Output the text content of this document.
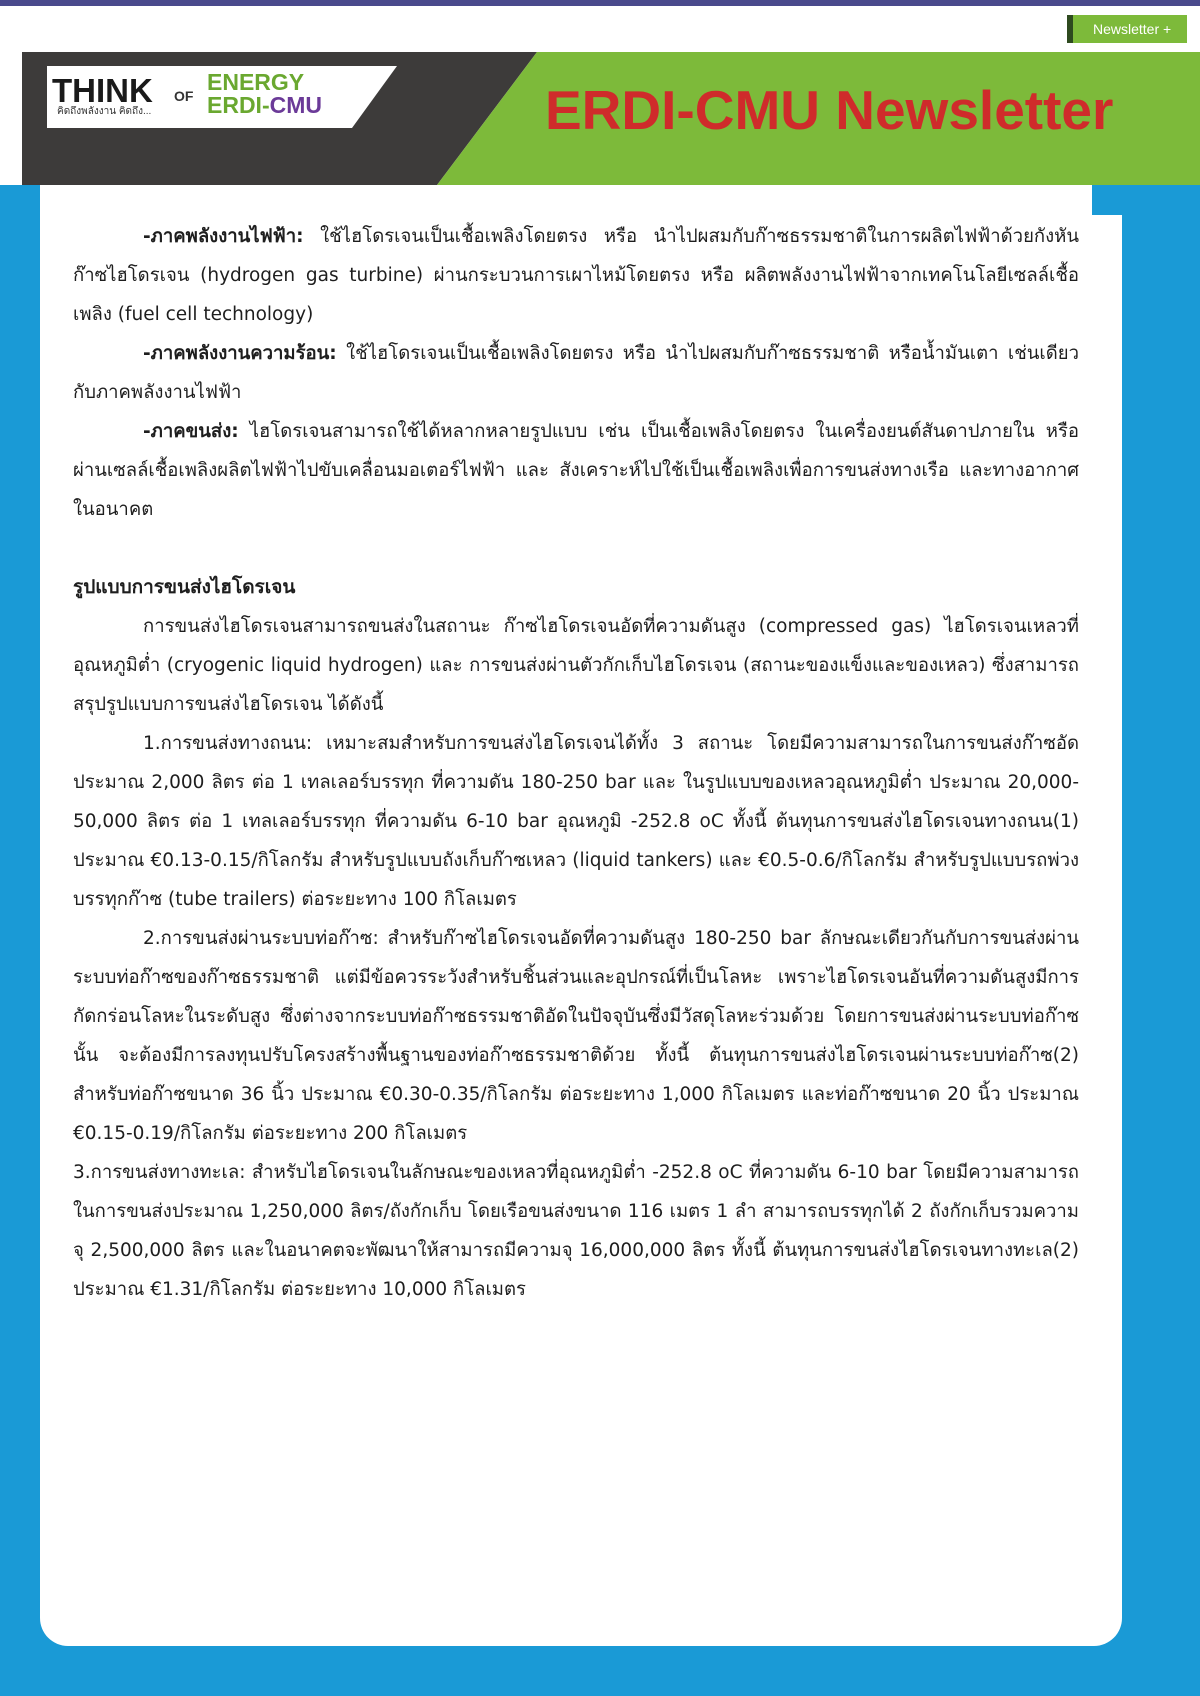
Newsletter +
THINK
คิดถึงพลังงาน คิดถึง...
OF
ENERGY
ERDI-CMU	ERDI-CMU Newsletter

-ภาคพลังงานไฟฟ้า: ใช้ไฮโดรเจนเป็นเชื้อเพลิงโดยตรง หรือ นำไปผสมกับก๊าซธรรมชาติในการผลิตไฟฟ้าด้วยกังหันก๊าซไฮโดรเจน (hydrogen gas turbine) ผ่านกระบวนการเผาไหม้โดยตรง หรือ ผลิตพลังงานไฟฟ้าจากเทคโนโลยีเซลล์เชื้อเพลิง (fuel cell technology)

-ภาคพลังงานความร้อน: ใช้ไฮโดรเจนเป็นเชื้อเพลิงโดยตรง หรือ นำไปผสมกับก๊าซธรรมชาติ หรือน้ำมันเตา เช่นเดียวกับภาคพลังงานไฟฟ้า

-ภาคขนส่ง: ไฮโดรเจนสามารถใช้ได้หลากหลายรูปแบบ เช่น เป็นเชื้อเพลิงโดยตรง ในเครื่องยนต์สันดาปภายใน หรือ ผ่านเซลล์เชื้อเพลิงผลิตไฟฟ้าไปขับเคลื่อนมอเตอร์ไฟฟ้า และ สังเคราะห์ไปใช้เป็นเชื้อเพลิงเพื่อการขนส่งทางเรือ และทางอากาศในอนาคต

รูปแบบการขนส่งไฮโดรเจน

การขนส่งไฮโดรเจนสามารถขนส่งในสถานะ ก๊าซไฮโดรเจนอัดที่ความดันสูง (compressed gas) ไฮโดรเจนเหลวที่อุณหภูมิต่ำ (cryogenic liquid hydrogen) และ การขนส่งผ่านตัวกักเก็บไฮโดรเจน (สถานะของแข็งและของเหลว) ซึ่งสามารถสรุปรูปแบบการขนส่งไฮโดรเจน ได้ดังนี้

1.การขนส่งทางถนน: เหมาะสมสำหรับการขนส่งไฮโดรเจนได้ทั้ง 3 สถานะ โดยมีความสามารถในการขนส่งก๊าซอัด ประมาณ 2,000 ลิตร ต่อ 1 เทลเลอร์บรรทุก ที่ความดัน 180-250 bar และ ในรูปแบบของเหลวอุณหภูมิต่ำ ประมาณ 20,000-50,000 ลิตร ต่อ 1 เทลเลอร์บรรทุก ที่ความดัน 6-10 bar อุณหภูมิ -252.8 oC ทั้งนี้ ต้นทุนการขนส่งไฮโดรเจนทางถนน(1) ประมาณ €0.13-0.15/กิโลกรัม สำหรับรูปแบบถังเก็บก๊าซเหลว (liquid tankers) และ €0.5-0.6/กิโลกรัม สำหรับรูปแบบรถพ่วงบรรทุกก๊าซ (tube trailers) ต่อระยะทาง 100 กิโลเมตร

2.การขนส่งผ่านระบบท่อก๊าซ: สำหรับก๊าซไฮโดรเจนอัดที่ความดันสูง 180-250 bar ลักษณะเดียวกันกับการขนส่งผ่านระบบท่อก๊าซของก๊าซธรรมชาติ แต่มีข้อควรระวังสำหรับชิ้นส่วนและอุปกรณ์ที่เป็นโลหะ เพราะไฮโดรเจนอันที่ความดันสูงมีการกัดกร่อนโลหะในระดับสูง ซึ่งต่างจากระบบท่อก๊าซธรรมชาติอัดในปัจจุบันซึ่งมีวัสดุโลหะร่วมด้วย โดยการขนส่งผ่านระบบท่อก๊าซนั้น จะต้องมีการลงทุนปรับโครงสร้างพื้นฐานของท่อก๊าซธรรมชาติด้วย ทั้งนี้ ต้นทุนการขนส่งไฮโดรเจนผ่านระบบท่อก๊าซ(2) สำหรับท่อก๊าซขนาด 36 นิ้ว ประมาณ €0.30-0.35/กิโลกรัม ต่อระยะทาง 1,000 กิโลเมตร และท่อก๊าซขนาด 20 นิ้ว ประมาณ €0.15-0.19/กิโลกรัม ต่อระยะทาง 200 กิโลเมตร

3.การขนส่งทางทะเล: สำหรับไฮโดรเจนในลักษณะของเหลวที่อุณหภูมิต่ำ -252.8 oC ที่ความดัน 6-10 bar โดยมีความสามารถในการขนส่งประมาณ 1,250,000 ลิตร/ถังกักเก็บ โดยเรือขนส่งขนาด 116 เมตร 1 ลำ สามารถบรรทุกได้ 2 ถังกักเก็บรวมความจุ 2,500,000 ลิตร และในอนาคตจะพัฒนาให้สามารถมีความจุ 16,000,000 ลิตร ทั้งนี้ ต้นทุนการขนส่งไฮโดรเจนทางทะเล(2) ประมาณ €1.31/กิโลกรัม ต่อระยะทาง 10,000 กิโลเมตร
